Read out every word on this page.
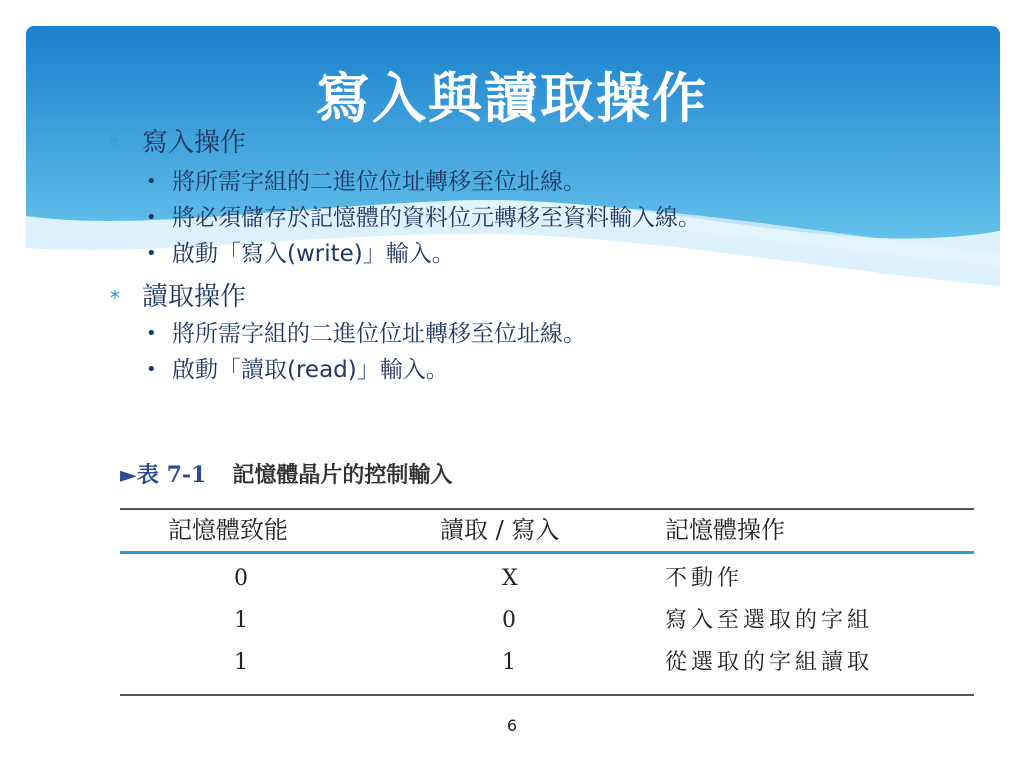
寫入與讀取操作
* 寫入操作
• 將所需字組的二進位位址轉移至位址線。
• 將必須儲存於記憶體的資料位元轉移至資料輸入線。
• 啟動「寫入(write)」輸入。
* 讀取操作
• 將所需字組的二進位位址轉移至位址線。
• 啟動「讀取(read)」輸入。
►表 7-1 記憶體晶片的控制輸入
記憶體致能	讀取 / 寫入	記憶體操作
0	X	不動作
1	0	寫入至選取的字組
1	1	從選取的字組讀取
6
